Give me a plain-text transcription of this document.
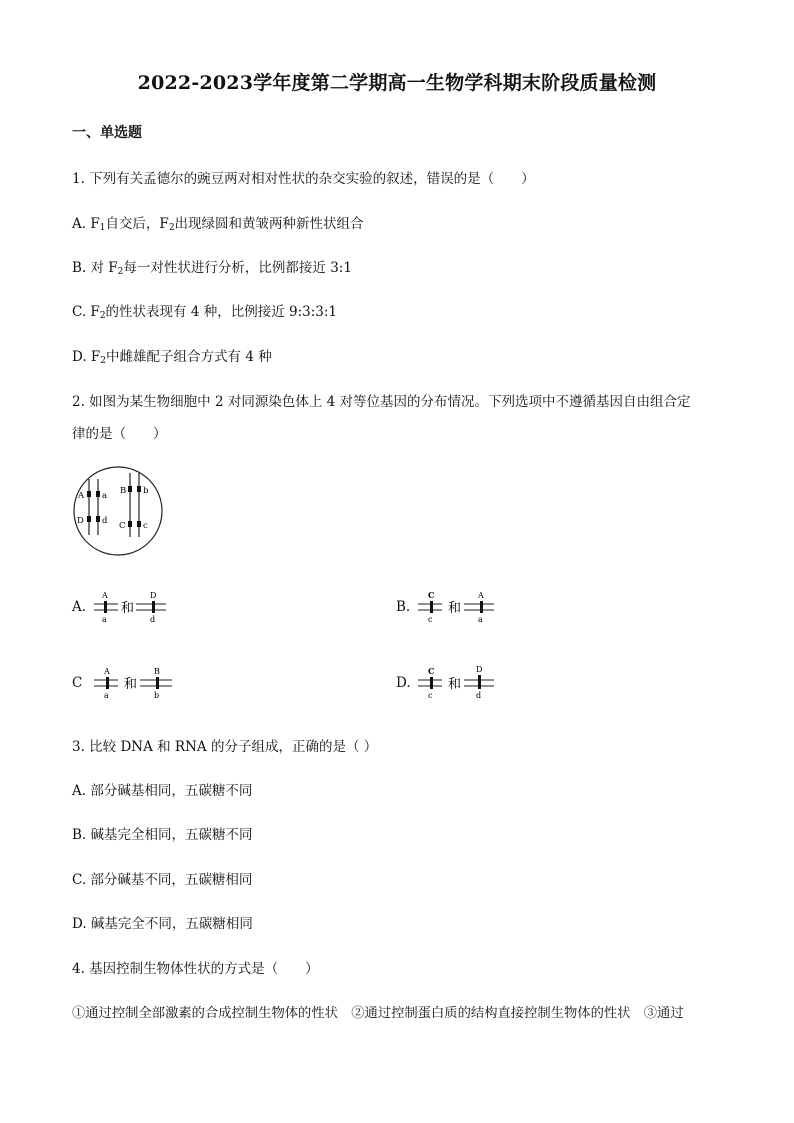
2022-2023学年度第二学期高一生物学科期末阶段质量检测
一、单选题
1. 下列有关孟德尔的豌豆两对相对性状的杂交实验的叙述，错误的是（　　）
A. $F_1$自交后，$F_2$出现绿圆和黄皱两种新性状组合
B. 对 $F_2$每一对性状进行分析，比例都接近 3:1
C. $F_2$的性状表现有 4 种，比例接近 9:3:3:1
D. $F_2$中雌雄配子组合方式有 4 种
2. 如图为某生物细胞中 2 对同源染色体上 4 对等位基因的分布情况。下列选项中不遵循基因自由组合定
律的是（　　）
A a
D d
B b
C c
A.
A
a
和
D
d
B.
C
c
和
A
a
C
A
a
和
B
b
D.
C
c
和
D
d
3. 比较 DNA 和 RNA 的分子组成，正确的是（ ）
A. 部分碱基相同，五碳糖不同
B. 碱基完全相同，五碳糖不同
C. 部分碱基不同，五碳糖相同
D. 碱基完全不同，五碳糖相同
4. 基因控制生物体性状的方式是（　　）
①通过控制全部激素的合成控制生物体的性状　②通过控制蛋白质的结构直接控制生物体的性状　③通过
